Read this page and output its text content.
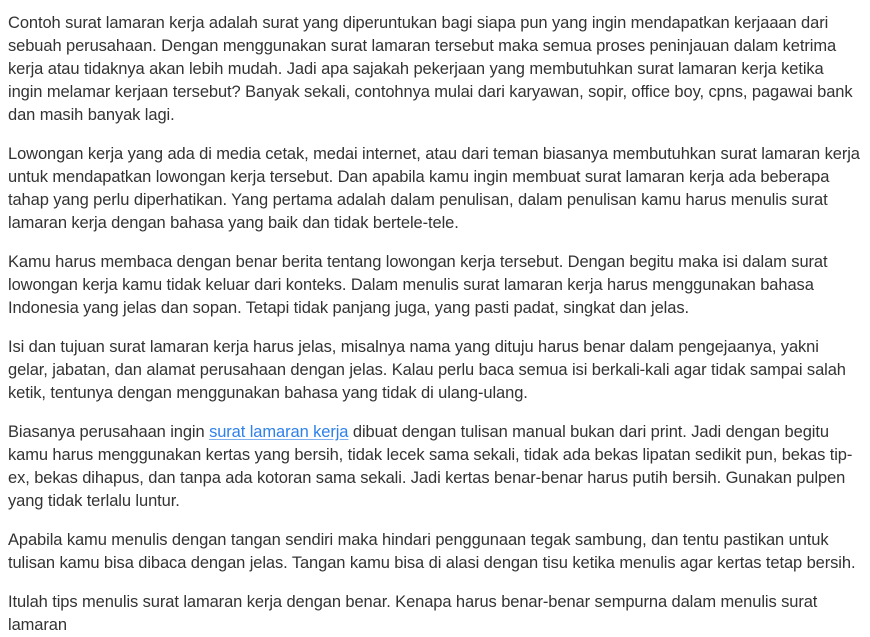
Contoh surat lamaran kerja adalah surat yang diperuntukan bagi siapa pun yang ingin mendapatkan kerjaaan dari sebuah perusahaan. Dengan menggunakan surat lamaran tersebut maka semua proses peninjauan dalam ketrima kerja atau tidaknya akan lebih mudah. Jadi apa sajakah pekerjaan yang membutuhkan surat lamaran kerja ketika ingin melamar kerjaan tersebut? Banyak sekali, contohnya mulai dari karyawan, sopir, office boy, cpns, pagawai bank dan masih banyak lagi.

Lowongan kerja yang ada di media cetak, medai internet, atau dari teman biasanya membutuhkan surat lamaran kerja untuk mendapatkan lowongan kerja tersebut. Dan apabila kamu ingin membuat surat lamaran kerja ada beberapa tahap yang perlu diperhatikan. Yang pertama adalah dalam penulisan, dalam penulisan kamu harus menulis surat lamaran kerja dengan bahasa yang baik dan tidak bertele-tele.

Kamu harus membaca dengan benar berita tentang lowongan kerja tersebut. Dengan begitu maka isi dalam surat lowongan kerja kamu tidak keluar dari konteks. Dalam menulis surat lamaran kerja harus menggunakan bahasa Indonesia yang jelas dan sopan. Tetapi tidak panjang juga, yang pasti padat, singkat dan jelas.

Isi dan tujuan surat lamaran kerja harus jelas, misalnya nama yang dituju harus benar dalam pengejaanya, yakni gelar, jabatan, dan alamat perusahaan dengan jelas. Kalau perlu baca semua isi berkali-kali agar tidak sampai salah ketik, tentunya dengan menggunakan bahasa yang tidak di ulang-ulang.

Biasanya perusahaan ingin surat lamaran kerja dibuat dengan tulisan manual bukan dari print. Jadi dengan begitu kamu harus menggunakan kertas yang bersih, tidak lecek sama sekali, tidak ada bekas lipatan sedikit pun, bekas tip-ex, bekas dihapus, dan tanpa ada kotoran sama sekali. Jadi kertas benar-benar harus putih bersih. Gunakan pulpen yang tidak terlalu luntur.

Apabila kamu menulis dengan tangan sendiri maka hindari penggunaan tegak sambung, dan tentu pastikan untuk tulisan kamu bisa dibaca dengan jelas. Tangan kamu bisa di alasi dengan tisu ketika menulis agar kertas tetap bersih.

Itulah tips menulis surat lamaran kerja dengan benar. Kenapa harus benar-benar sempurna dalam menulis surat lamaran
